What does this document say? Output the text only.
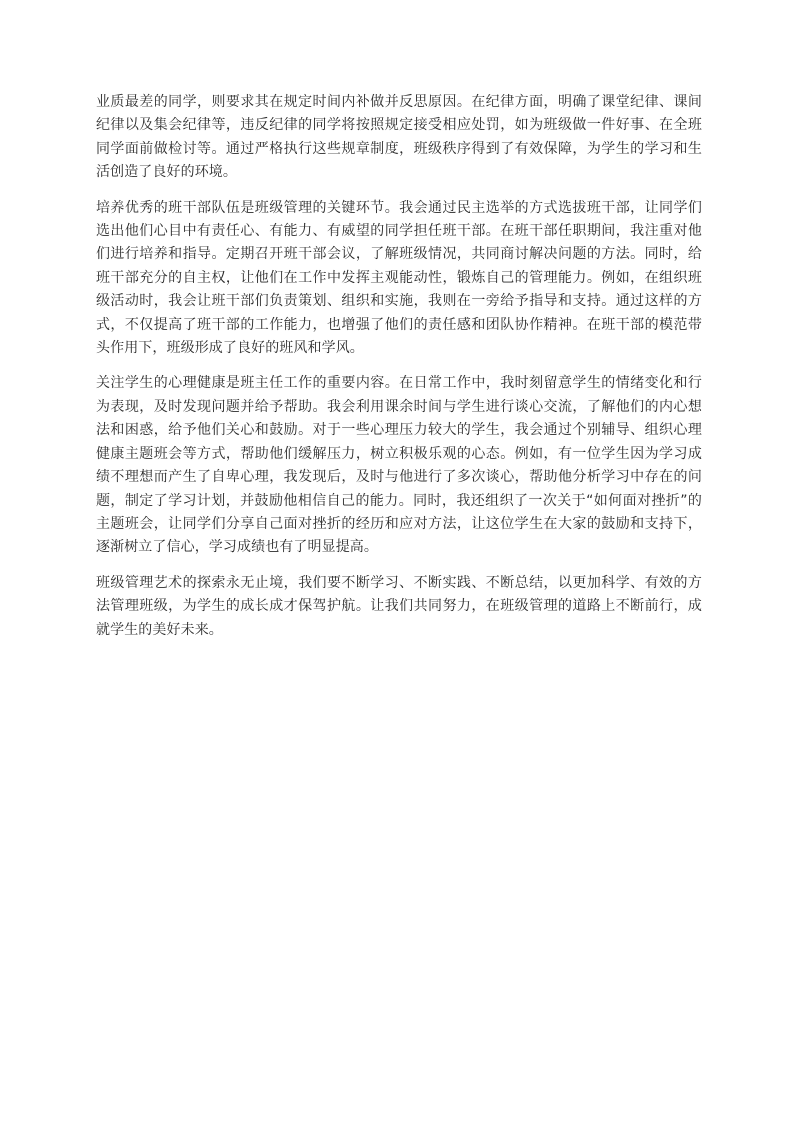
业质最差的同学，则要求其在规定时间内补做并反思原因。在纪律方面，明确了课堂纪律、课间纪律以及集会纪律等，违反纪律的同学将按照规定接受相应处罚，如为班级做一件好事、在全班同学面前做检讨等。通过严格执行这些规章制度，班级秩序得到了有效保障，为学生的学习和生活创造了良好的环境。

培养优秀的班干部队伍是班级管理的关键环节。我会通过民主选举的方式选拔班干部，让同学们选出他们心目中有责任心、有能力、有威望的同学担任班干部。在班干部任职期间，我注重对他们进行培养和指导。定期召开班干部会议，了解班级情况，共同商讨解决问题的方法。同时，给班干部充分的自主权，让他们在工作中发挥主观能动性，锻炼自己的管理能力。例如，在组织班级活动时，我会让班干部们负责策划、组织和实施，我则在一旁给予指导和支持。通过这样的方式，不仅提高了班干部的工作能力，也增强了他们的责任感和团队协作精神。在班干部的模范带头作用下，班级形成了良好的班风和学风。

关注学生的心理健康是班主任工作的重要内容。在日常工作中，我时刻留意学生的情绪变化和行为表现，及时发现问题并给予帮助。我会利用课余时间与学生进行谈心交流，了解他们的内心想法和困惑，给予他们关心和鼓励。对于一些心理压力较大的学生，我会通过个别辅导、组织心理健康主题班会等方式，帮助他们缓解压力，树立积极乐观的心态。例如，有一位学生因为学习成绩不理想而产生了自卑心理，我发现后，及时与他进行了多次谈心，帮助他分析学习中存在的问题，制定了学习计划，并鼓励他相信自己的能力。同时，我还组织了一次关于“如何面对挫折”的主题班会，让同学们分享自己面对挫折的经历和应对方法，让这位学生在大家的鼓励和支持下，逐渐树立了信心，学习成绩也有了明显提高。

班级管理艺术的探索永无止境，我们要不断学习、不断实践、不断总结，以更加科学、有效的方法管理班级，为学生的成长成才保驾护航。让我们共同努力，在班级管理的道路上不断前行，成就学生的美好未来。
